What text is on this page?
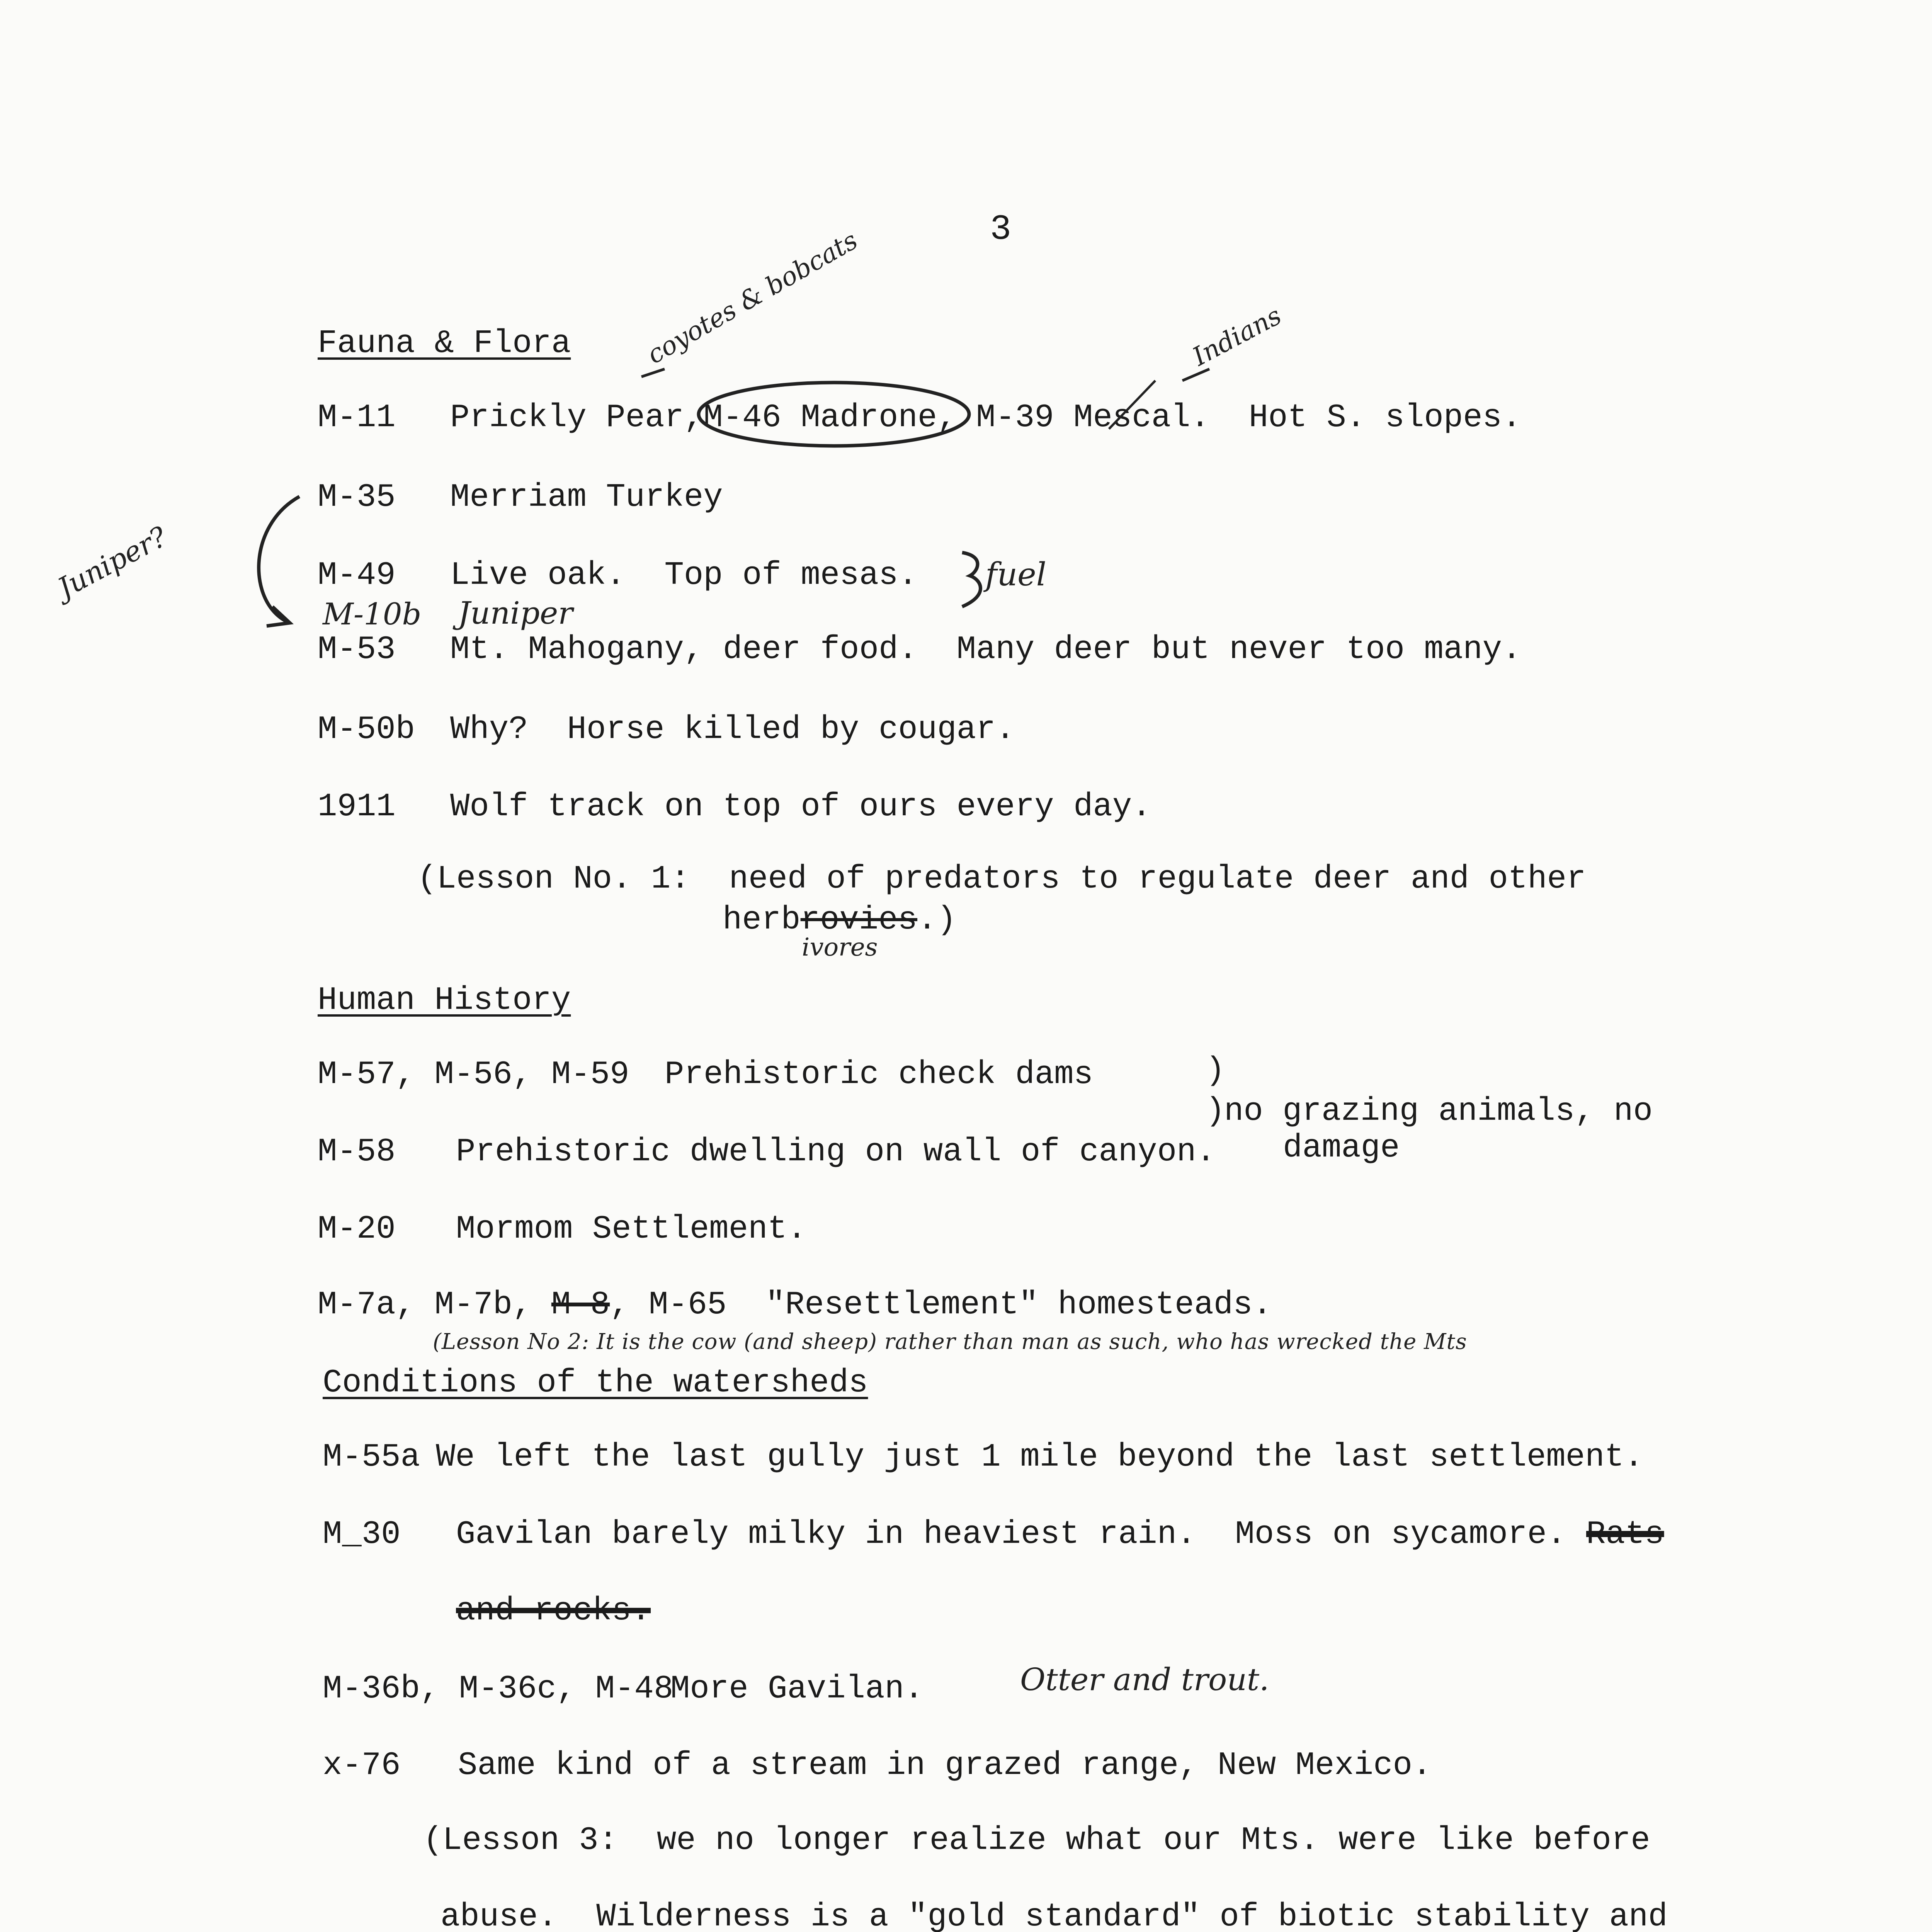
3
Fauna & Flora
M-11 Prickly Pear,M-46 Madrone, M-39 Mescal.  Hot S. slopes.
M-35 Merriam Turkey
M-49 Live oak.  Top of mesas.
M-53 Mt. Mahogany, deer food.  Many deer but never too many.
M-50b Why?  Horse killed by cougar.
1911 Wolf track on top of ours every day.
(Lesson No. 1:  need of predators to regulate deer and other
herbrovies.)
Human History
M-57, M-56, M-59 Prehistoric check dams
M-58 Prehistoric dwelling on wall of canyon.
)
)
no grazing animals, no
damage
M-20 Mormom Settlement.
M-7a, M-7b, M-8, M-65  "Resettlement" homesteads.
Conditions of the watersheds
M-55a We left the last gully just 1 mile beyond the last settlement.
M_30 Gavilan barely milky in heaviest rain.  Moss on sycamore. Rats
and rocks.
M-36b, M-36c, M-48
More Gavilan.
x-76 Same kind of a stream in grazed range, New Mexico.
(Lesson 3:  we no longer realize what our Mts. were like before
abuse.  Wilderness is a "gold standard" of biotic stability and
coyotes & bobcats	Indians
Juniper?
M-10b Juniper
fuel
ivores
(Lesson No 2: It is the cow (and sheep) rather than man as such, who has wrecked the Mts
Otter and trout.
